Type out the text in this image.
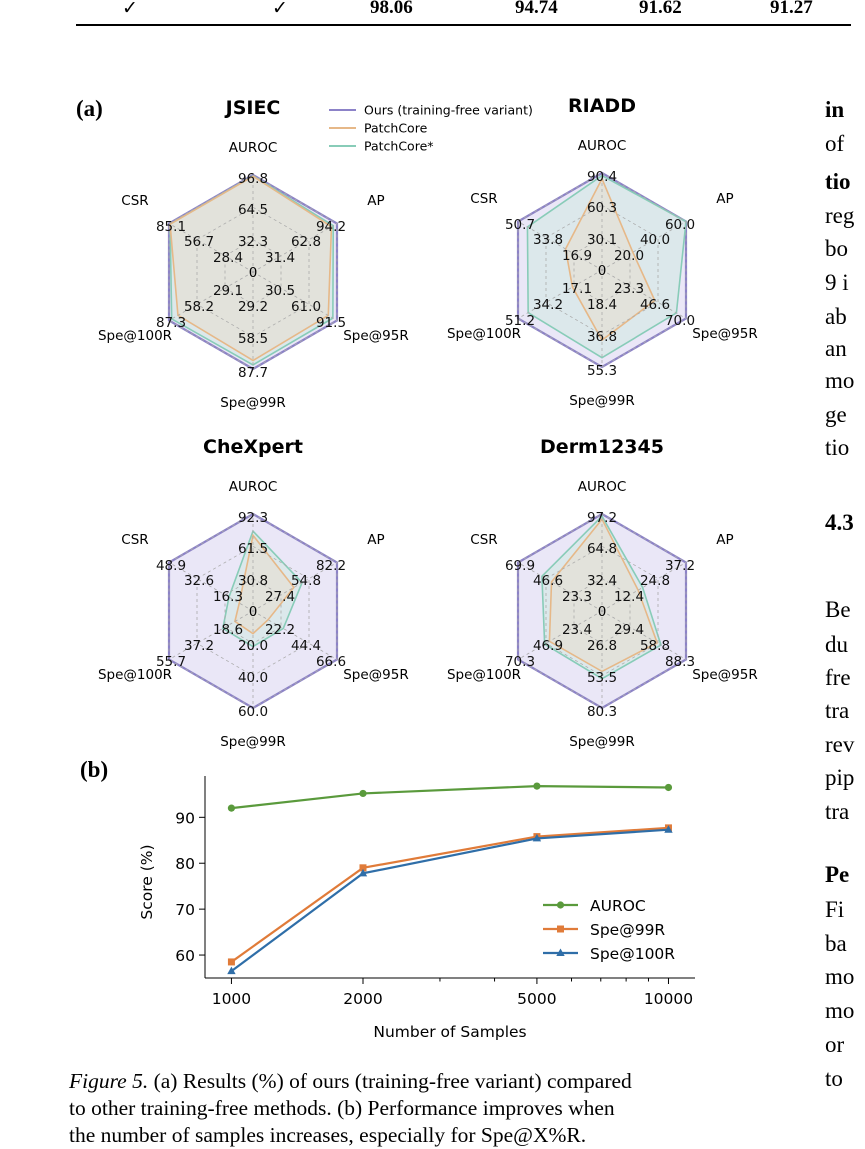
✓	✓	98.06	94.74	91.62	91.27
(a)
(b)
JSIEC
AUROC
AP
Spe@95R
Spe@99R
Spe@100R
CSR
96.8
64.5
32.3
94.2
62.8
31.4
91.5
61.0
30.5
87.7
58.5
29.2
87.3
58.2
29.1
85.1
56.7
28.4
0
RIADD
AUROC
AP
Spe@95R
Spe@99R
Spe@100R
CSR
90.4
60.3
30.1
60.0
40.0
20.0
70.0
46.6
23.3
55.3
36.8
18.4
51.2
34.2
17.1
50.7
33.8
16.9
0
CheXpert
AUROC
AP
Spe@95R
Spe@99R
Spe@100R
CSR
92.3
61.5
30.8
82.2
54.8
27.4
66.6
44.4
22.2
60.0
40.0
20.0
55.7
37.2
18.6
48.9
32.6
16.3
0
Derm12345
AUROC
AP
Spe@95R
Spe@99R
Spe@100R
CSR
97.2
64.8
32.4
37.2
24.8
12.4
88.3
58.8
29.4
80.3
53.5
26.8
70.3
46.9
23.4
69.9
46.6
23.3
0
Ours (training-free variant)
PatchCore
PatchCore*
60
70
80
90
1000	2000	5000	10000
Number of Samples
Score (%)	AUROC
Spe@99R
Spe@100R
Figure 5. (a) Results (%) of ours (training-free variant) compared
to other training-free methods. (b) Performance improves when
the number of samples increases, especially for Spe@X%R.
in
of
tio
reg
bo
9 i
ab
an
mo
ge
tio
4.3
Be
du
fre
tra
rev
pip
tra
Pe
Fi
ba
mo
mo
or
to
